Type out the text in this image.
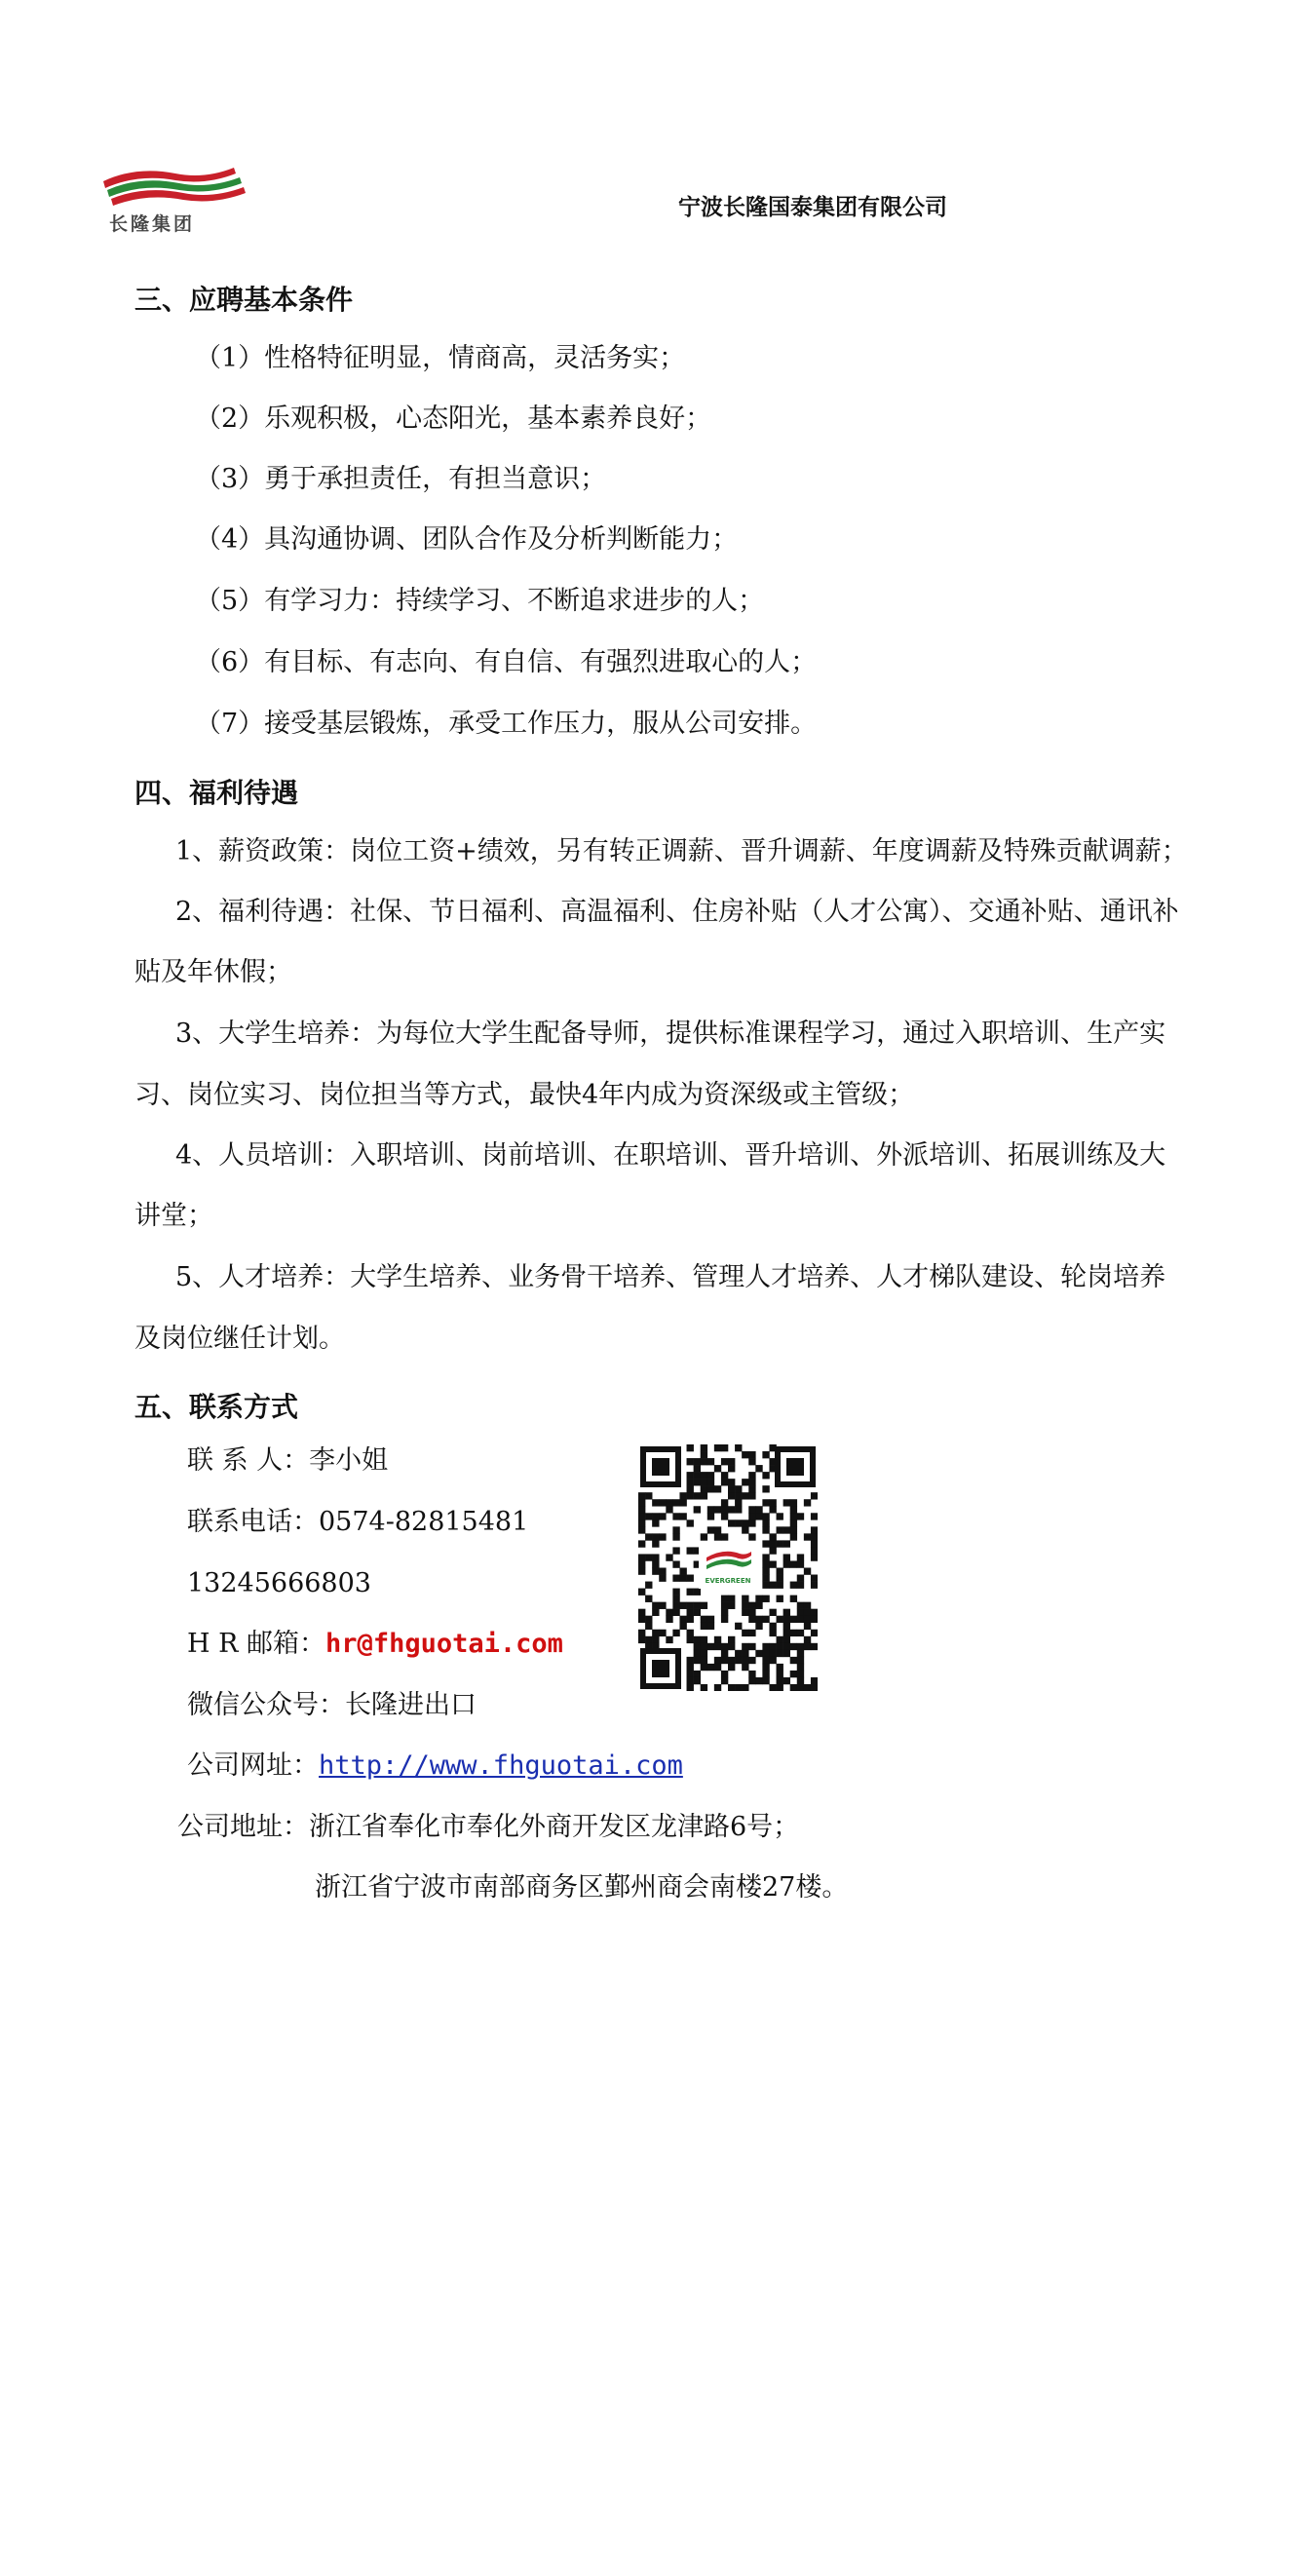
长隆集团
宁波长隆国泰集团有限公司
三、应聘基本条件
（1）性格特征明显，情商高，灵活务实；
（2）乐观积极，心态阳光，基本素养良好；
（3）勇于承担责任，有担当意识；
（4）具沟通协调、团队合作及分析判断能力；
（5）有学习力：持续学习、不断追求进步的人；
（6）有目标、有志向、有自信、有强烈进取心的人；
（7）接受基层锻炼，承受工作压力，服从公司安排。
四、福利待遇
1、薪资政策：岗位工资+绩效，另有转正调薪、晋升调薪、年度调薪及特殊贡献调薪；
2、福利待遇：社保、节日福利、高温福利、住房补贴（人才公寓）、交通补贴、通讯补
贴及年休假；
3、大学生培养：为每位大学生配备导师，提供标准课程学习，通过入职培训、生产实
习、岗位实习、岗位担当等方式，最快4年内成为资深级或主管级；
4、人员培训：入职培训、岗前培训、在职培训、晋升培训、外派培训、拓展训练及大
讲堂；
5、人才培养：大学生培养、业务骨干培养、管理人才培养、人才梯队建设、轮岗培养
及岗位继任计划。
五、联系方式
联 系 人：李小姐
联系电话：0574-82815481
13245666803
H R 邮箱：hr@fhguotai.com
微信公众号：长隆进出口
公司网址：http://www.fhguotai.com
公司地址：浙江省奉化市奉化外商开发区龙津路6号；
浙江省宁波市南部商务区鄞州商会南楼27楼。
EVERGREEN
